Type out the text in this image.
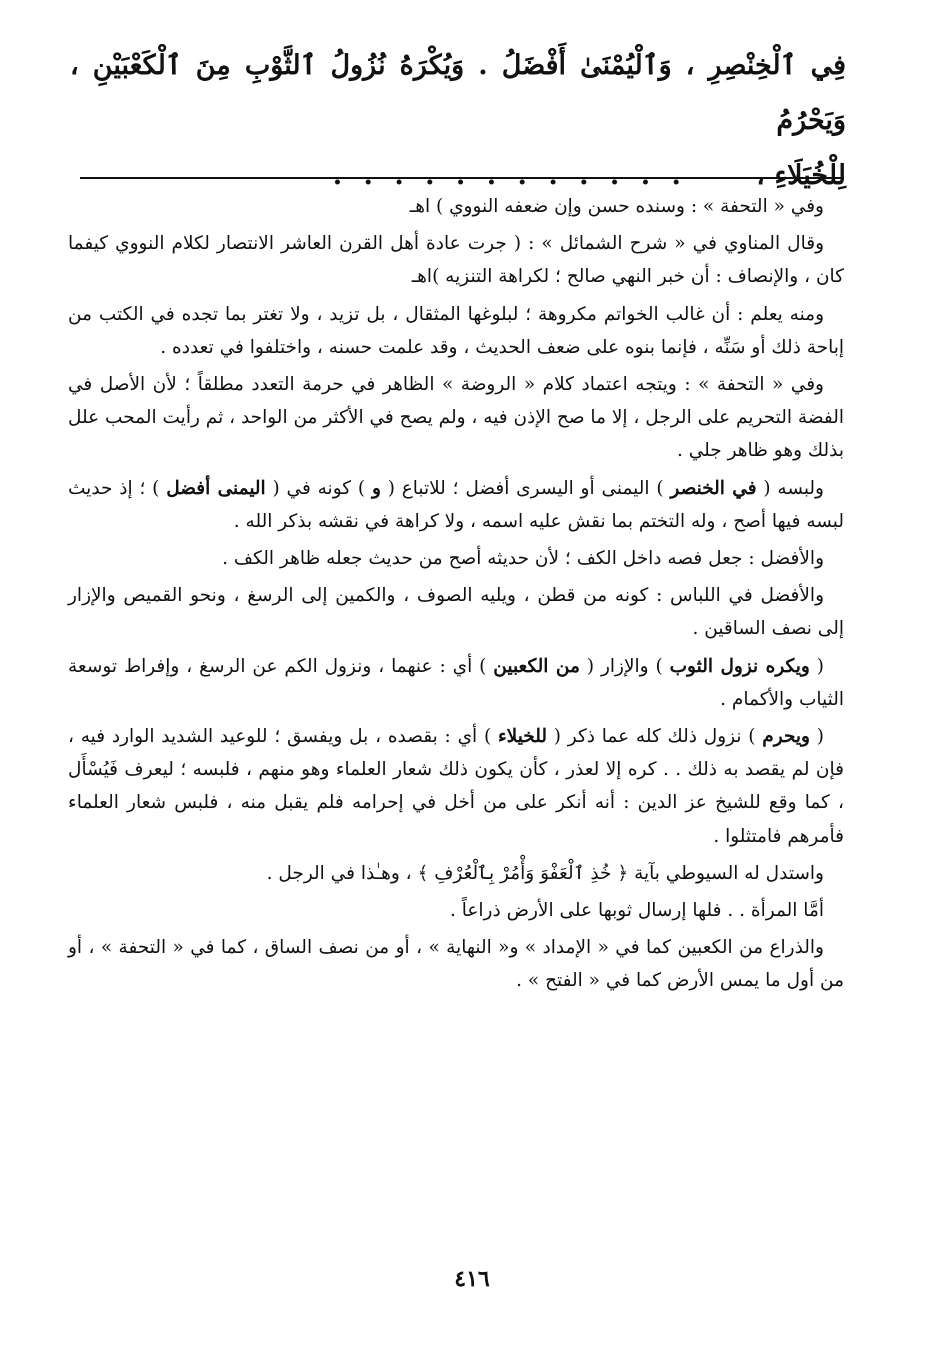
فِي ٱلْخِنْصِرِ ، وَٱلْيُمْنَىٰ أَفْضَلُ . وَيُكْرَهُ نُزُولُ ٱلثَّوْبِ مِنَ ٱلْكَعْبَيْنِ ، وَيَحْرُمُ
لِلْخُيَلَاءِ ، . . . . . . . . . . . .

وفي « التحفة » : وسنده حسن وإن ضعفه النووي ) اهـ

وقال المناوي في « شرح الشمائل » : ( جرت عادة أهل القرن العاشر الانتصار لكلام النووي كيفما كان ، والإنصاف : أن خبر النهي صالح ؛ لكراهة التنزيه )اهـ

ومنه يعلم : أن غالب الخواتم مكروهة ؛ لبلوغها المثقال ، بل تزيد ، ولا تغتر بما تجده في الكتب من إباحة ذلك أو سَنِّه ، فإنما بنوه على ضعف الحديث ، وقد علمت حسنه ، واختلفوا في تعدده .

وفي « التحفة » : ويتجه اعتماد كلام « الروضة » الظاهر في حرمة التعدد مطلقاً ؛ لأن الأصل في الفضة التحريم على الرجل ، إلا ما صح الإذن فيه ، ولم يصح في الأكثر من الواحد ، ثم رأيت المحب علل بذلك وهو ظاهر جلي .

ولبسه ( في الخنصر ) اليمنى أو اليسرى أفضل ؛ للاتباع ( و ) كونه في ( اليمنى أفضل ) ؛ إذ حديث لبسه فيها أصح ، وله التختم بما نقش عليه اسمه ، ولا كراهة في نقشه بذكر الله .

والأفضل : جعل فصه داخل الكف ؛ لأن حديثه أصح من حديث جعله ظاهر الكف .

والأفضل في اللباس : كونه من قطن ، ويليه الصوف ، والكمين إلى الرسغ ، ونحو القميص والإزار إلى نصف الساقين .

( ويكره نزول الثوب ) والإزار ( من الكعبين ) أي : عنهما ، ونزول الكم عن الرسغ ، وإفراط توسعة الثياب والأكمام .

( ويحرم ) نزول ذلك كله عما ذكر ( للخيلاء ) أي : بقصده ، بل ويفسق ؛ للوعيد الشديد الوارد فيه ، فإن لم يقصد به ذلك . . كره إلا لعذر ، كأن يكون ذلك شعار العلماء وهو منهم ، فلبسه ؛ ليعرف فَيُسْأَل ، كما وقع للشيخ عز الدين : أنه أنكر على من أخل في إحرامه فلم يقبل منه ، فلبس شعار العلماء فأمرهم فامتثلوا .

واستدل له السيوطي بآية ﴿ خُذِ ٱلْعَفْوَ وَأْمُرْ بِٱلْعُرْفِ ﴾ ، وهـٰذا في الرجل .

أمَّا المرأة . . فلها إرسال ثوبها على الأرض ذراعاً .

والذراع من الكعبين كما في « الإمداد » و« النهاية » ، أو من نصف الساق ، كما في « التحفة » ، أو من أول ما يمس الأرض كما في « الفتح » .

٤١٦
